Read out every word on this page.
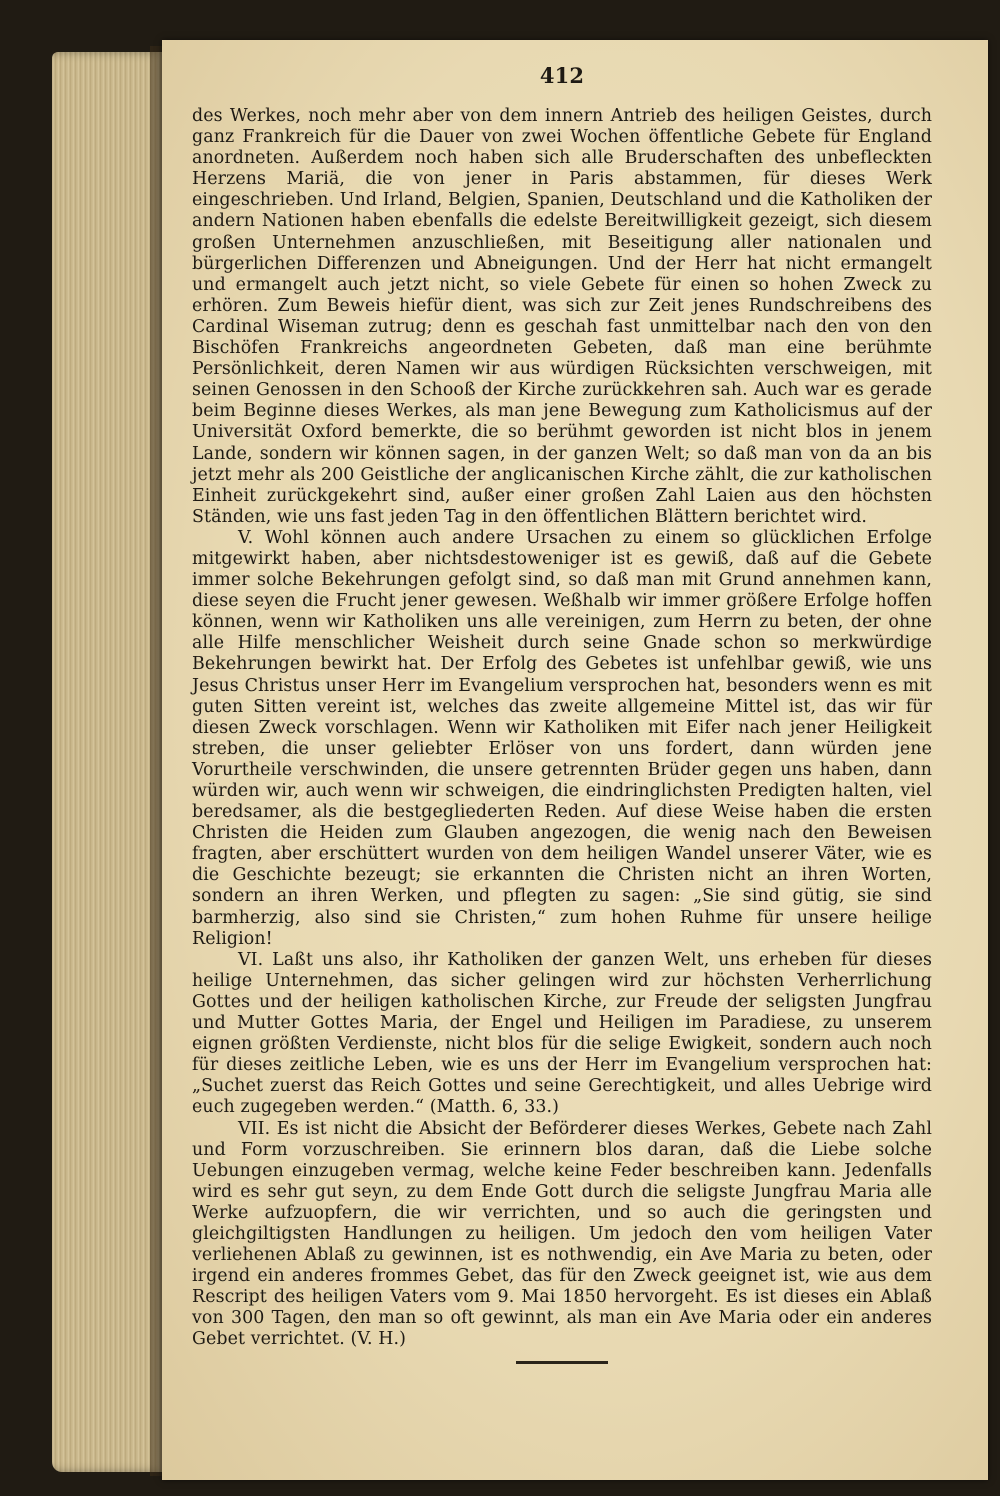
412

des Werkes, noch mehr aber von dem innern Antrieb des heiligen Geistes, durch ganz Frankreich für die Dauer von zwei Wochen öffentliche Gebete für England anordneten. Außerdem noch haben sich alle Bruderschaften des unbefleckten Herzens Mariä, die von jener in Paris abstammen, für dieses Werk eingeschrieben. Und Irland, Belgien, Spanien, Deutschland und die Katholiken der andern Nationen haben ebenfalls die edelste Bereitwilligkeit gezeigt, sich diesem großen Unternehmen anzuschließen, mit Beseitigung aller nationalen und bürgerlichen Differenzen und Abneigungen. Und der Herr hat nicht ermangelt und ermangelt auch jetzt nicht, so viele Gebete für einen so hohen Zweck zu erhören. Zum Beweis hiefür dient, was sich zur Zeit jenes Rundschreibens des Cardinal Wiseman zutrug; denn es geschah fast unmittelbar nach den von den Bischöfen Frankreichs angeordneten Gebeten, daß man eine berühmte Persönlichkeit, deren Namen wir aus würdigen Rücksichten verschweigen, mit seinen Genossen in den Schooß der Kirche zurückkehren sah. Auch war es gerade beim Beginne dieses Werkes, als man jene Bewegung zum Katholicismus auf der Universität Oxford bemerkte, die so berühmt geworden ist nicht blos in jenem Lande, sondern wir können sagen, in der ganzen Welt; so daß man von da an bis jetzt mehr als 200 Geistliche der anglicanischen Kirche zählt, die zur katholischen Einheit zurückgekehrt sind, außer einer großen Zahl Laien aus den höchsten Ständen, wie uns fast jeden Tag in den öffentlichen Blättern berichtet wird.

V. Wohl können auch andere Ursachen zu einem so glücklichen Erfolge mitgewirkt haben, aber nichtsdestoweniger ist es gewiß, daß auf die Gebete immer solche Bekehrungen gefolgt sind, so daß man mit Grund annehmen kann, diese seyen die Frucht jener gewesen. Weßhalb wir immer größere Erfolge hoffen können, wenn wir Katholiken uns alle vereinigen, zum Herrn zu beten, der ohne alle Hilfe menschlicher Weisheit durch seine Gnade schon so merkwürdige Bekehrungen bewirkt hat. Der Erfolg des Gebetes ist unfehlbar gewiß, wie uns Jesus Christus unser Herr im Evangelium versprochen hat, besonders wenn es mit guten Sitten vereint ist, welches das zweite allgemeine Mittel ist, das wir für diesen Zweck vorschlagen. Wenn wir Katholiken mit Eifer nach jener Heiligkeit streben, die unser geliebter Erlöser von uns fordert, dann würden jene Vorurtheile verschwinden, die unsere getrennten Brüder gegen uns haben, dann würden wir, auch wenn wir schweigen, die eindringlichsten Predigten halten, viel beredsamer, als die bestgegliederten Reden. Auf diese Weise haben die ersten Christen die Heiden zum Glauben angezogen, die wenig nach den Beweisen fragten, aber erschüttert wurden von dem heiligen Wandel unserer Väter, wie es die Geschichte bezeugt; sie erkannten die Christen nicht an ihren Worten, sondern an ihren Werken, und pflegten zu sagen: „Sie sind gütig, sie sind barmherzig, also sind sie Christen,“ zum hohen Ruhme für unsere heilige Religion!

VI. Laßt uns also, ihr Katholiken der ganzen Welt, uns erheben für dieses heilige Unternehmen, das sicher gelingen wird zur höchsten Verherrlichung Gottes und der heiligen katholischen Kirche, zur Freude der seligsten Jungfrau und Mutter Gottes Maria, der Engel und Heiligen im Paradiese, zu unserem eignen größten Verdienste, nicht blos für die selige Ewigkeit, sondern auch noch für dieses zeitliche Leben, wie es uns der Herr im Evangelium versprochen hat: „Suchet zuerst das Reich Gottes und seine Gerechtigkeit, und alles Uebrige wird euch zugegeben werden.“ (Matth. 6, 33.)

VII. Es ist nicht die Absicht der Beförderer dieses Werkes, Gebete nach Zahl und Form vorzuschreiben. Sie erinnern blos daran, daß die Liebe solche Uebungen einzugeben vermag, welche keine Feder beschreiben kann. Jedenfalls wird es sehr gut seyn, zu dem Ende Gott durch die seligste Jungfrau Maria alle Werke aufzuopfern, die wir verrichten, und so auch die geringsten und gleichgiltigsten Handlungen zu heiligen. Um jedoch den vom heiligen Vater verliehenen Ablaß zu gewinnen, ist es nothwendig, ein Ave Maria zu beten, oder irgend ein anderes frommes Gebet, das für den Zweck geeignet ist, wie aus dem Rescript des heiligen Vaters vom 9. Mai 1850 hervorgeht. Es ist dieses ein Ablaß von 300 Tagen, den man so oft gewinnt, als man ein Ave Maria oder ein anderes Gebet verrichtet. (V. H.)
